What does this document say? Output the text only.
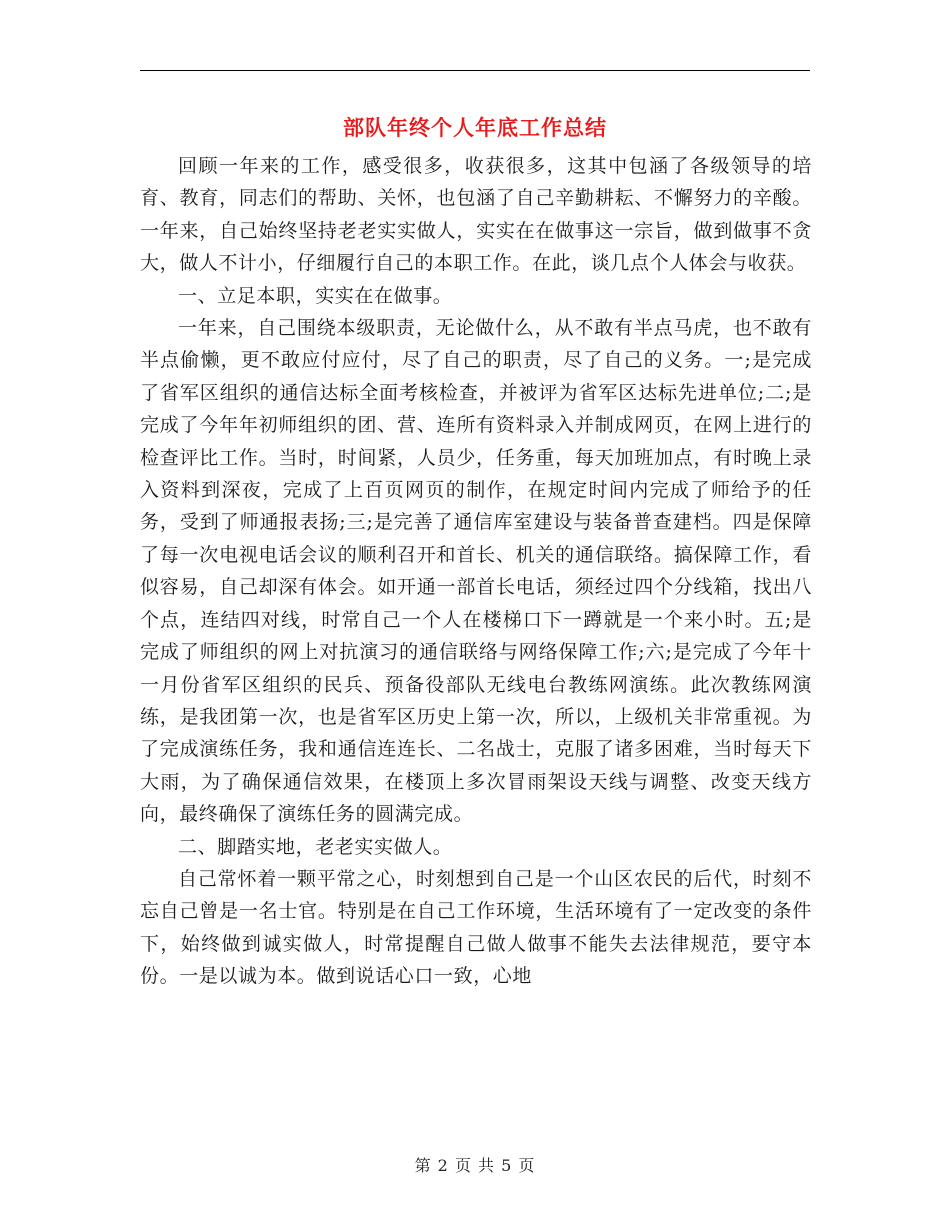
部队年终个人年底工作总结

回顾一年来的工作，感受很多，收获很多，这其中包涵了各级领导的培育、教育，同志们的帮助、关怀，也包涵了自己辛勤耕耘、不懈努力的辛酸。一年来，自己始终坚持老老实实做人，实实在在做事这一宗旨，做到做事不贪大，做人不计小，仔细履行自己的本职工作。在此，谈几点个人体会与收获。

一、立足本职，实实在在做事。

一年来，自己围绕本级职责，无论做什么，从不敢有半点马虎，也不敢有半点偷懒，更不敢应付应付，尽了自己的职责，尽了自己的义务。一;是完成了省军区组织的通信达标全面考核检查，并被评为省军区达标先进单位;二;是完成了今年年初师组织的团、营、连所有资料录入并制成网页，在网上进行的检查评比工作。当时，时间紧，人员少，任务重，每天加班加点，有时晚上录入资料到深夜，完成了上百页网页的制作，在规定时间内完成了师给予的任务，受到了师通报表扬;三;是完善了通信库室建设与装备普查建档。四是保障了每一次电视电话会议的顺利召开和首长、机关的通信联络。搞保障工作，看似容易，自己却深有体会。如开通一部首长电话，须经过四个分线箱，找出八个点，连结四对线，时常自己一个人在楼梯口下一蹲就是一个来小时。五;是完成了师组织的网上对抗演习的通信联络与网络保障工作;六;是完成了今年十一月份省军区组织的民兵、预备役部队无线电台教练网演练。此次教练网演练，是我团第一次，也是省军区历史上第一次，所以，上级机关非常重视。为了完成演练任务，我和通信连连长、二名战士，克服了诸多困难，当时每天下大雨，为了确保通信效果，在楼顶上多次冒雨架设天线与调整、改变天线方向，最终确保了演练任务的圆满完成。

二、脚踏实地，老老实实做人。

自己常怀着一颗平常之心，时刻想到自己是一个山区农民的后代，时刻不忘自己曾是一名士官。特别是在自己工作环境，生活环境有了一定改变的条件下，始终做到诚实做人，时常提醒自己做人做事不能失去法律规范，要守本份。一是以诚为本。做到说话心口一致，心地

第 2 页 共 5 页
